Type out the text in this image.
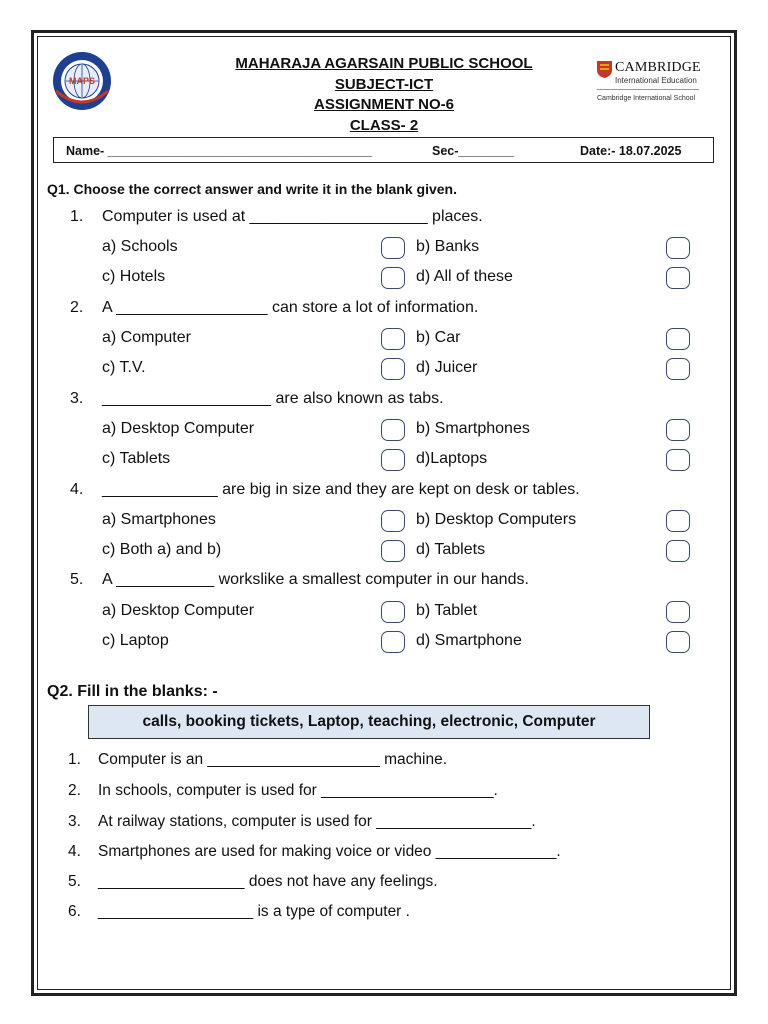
MAPS
MAHARAJA AGARSAIN PUBLIC SCHOOL
SUBJECT-ICT
ASSIGNMENT NO-6
CLASS- 2
CAMBRIDGE
International Education
Cambridge International School
Name- ______________________________________	Sec-________	Date:- 18.07.2025
Q1. Choose the correct answer and write it in the blank given.
1. Computer is used at ____________________ places.
a) Schools	b) Banks
c) Hotels	d) All of these
2. A _________________ can store a lot of information.
a) Computer	b) Car
c) T.V.	d) Juicer
3. ___________________ are also known as tabs.
a) Desktop Computer	b) Smartphones
c) Tablets	d)Laptops
4. _____________ are big in size and they are kept on desk or tables.
a) Smartphones	b) Desktop Computers
c) Both a) and b)	d) Tablets
5. A ___________ workslike a smallest computer in our hands.
a) Desktop Computer	b) Tablet
c) Laptop	d) Smartphone
Q2. Fill in the blanks: -
calls, booking tickets, Laptop, teaching, electronic, Computer
1. Computer is an ____________________ machine.
2. In schools, computer is used for ____________________.
3. At railway stations, computer is used for __________________.
4. Smartphones are used for making voice or video ______________.
5. _________________ does not have any feelings.
6. __________________ is a type of computer .
